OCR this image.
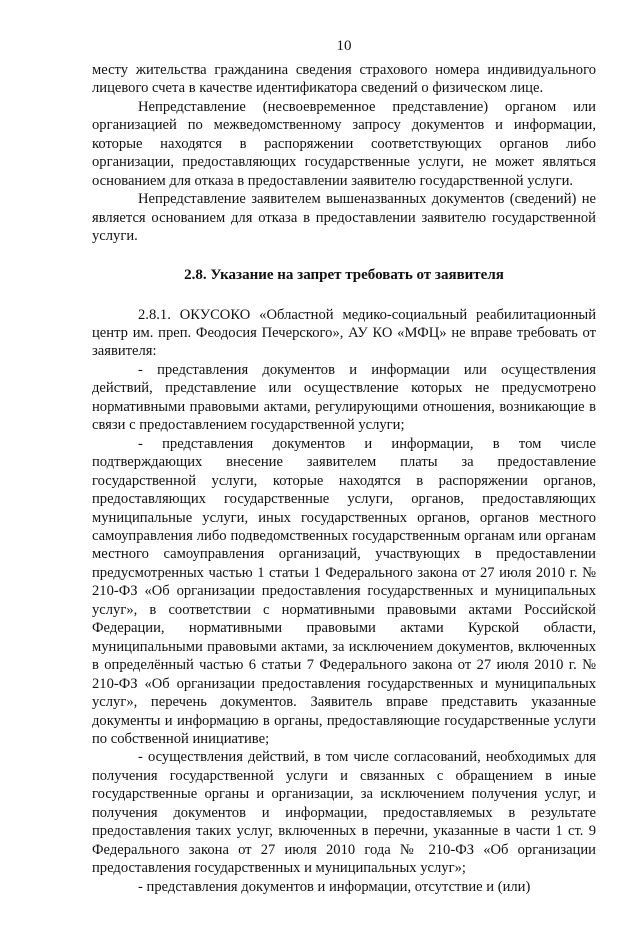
10

месту жительства гражданина сведения страхового номера индивидуального лицевого счета в качестве идентификатора сведений о физическом лице.

Непредставление (несвоевременное представление) органом или организацией по межведомственному запросу документов и информации, которые находятся в распоряжении соответствующих органов либо организации, предоставляющих государственные услуги, не может являться основанием для отказа в предоставлении заявителю государственной услуги.

Непредставление заявителем вышеназванных документов (сведений) не является основанием для отказа в предоставлении заявителю государственной услуги.

2.8. Указание на запрет требовать от заявителя

2.8.1. ОКУСОКО «Областной медико-социальный реабилитационный центр им. преп. Феодосия Печерского», АУ КО «МФЦ» не вправе требовать от заявителя:

- представления документов и информации или осуществления действий, представление или осуществление которых не предусмотрено нормативными правовыми актами, регулирующими отношения, возникающие в связи с предоставлением государственной услуги;

- представления документов и информации, в том числе подтверждающих внесение заявителем платы за предоставление государственной услуги, которые находятся в распоряжении органов, предоставляющих государственные услуги, органов, предоставляющих муниципальные услуги, иных государственных органов, органов местного самоуправления либо подведомственных государственным органам или органам местного самоуправления организаций, участвующих в предоставлении предусмотренных частью 1 статьи 1 Федерального закона от 27 июля 2010 г. № 210-ФЗ «Об организации предоставления государственных и муниципальных услуг», в соответствии с нормативными правовыми актами Российской Федерации, нормативными правовыми актами Курской области, муниципальными правовыми актами, за исключением документов, включенных в определённый частью 6 статьи 7 Федерального закона от 27 июля 2010 г. № 210-ФЗ «Об организации предоставления государственных и муниципальных услуг», перечень документов. Заявитель вправе представить указанные документы и информацию в органы, предоставляющие государственные услуги по собственной инициативе;

- осуществления действий, в том числе согласований, необходимых для получения государственной услуги и связанных с обращением в иные государственные органы и организации, за исключением получения услуг, и получения документов и информации, предоставляемых в результате предоставления таких услуг, включенных в перечни, указанные в части 1 ст. 9 Федерального закона от 27 июля 2010 года № 210-ФЗ «Об организации предоставления государственных и муниципальных услуг»;

- представления документов и информации, отсутствие и (или)
